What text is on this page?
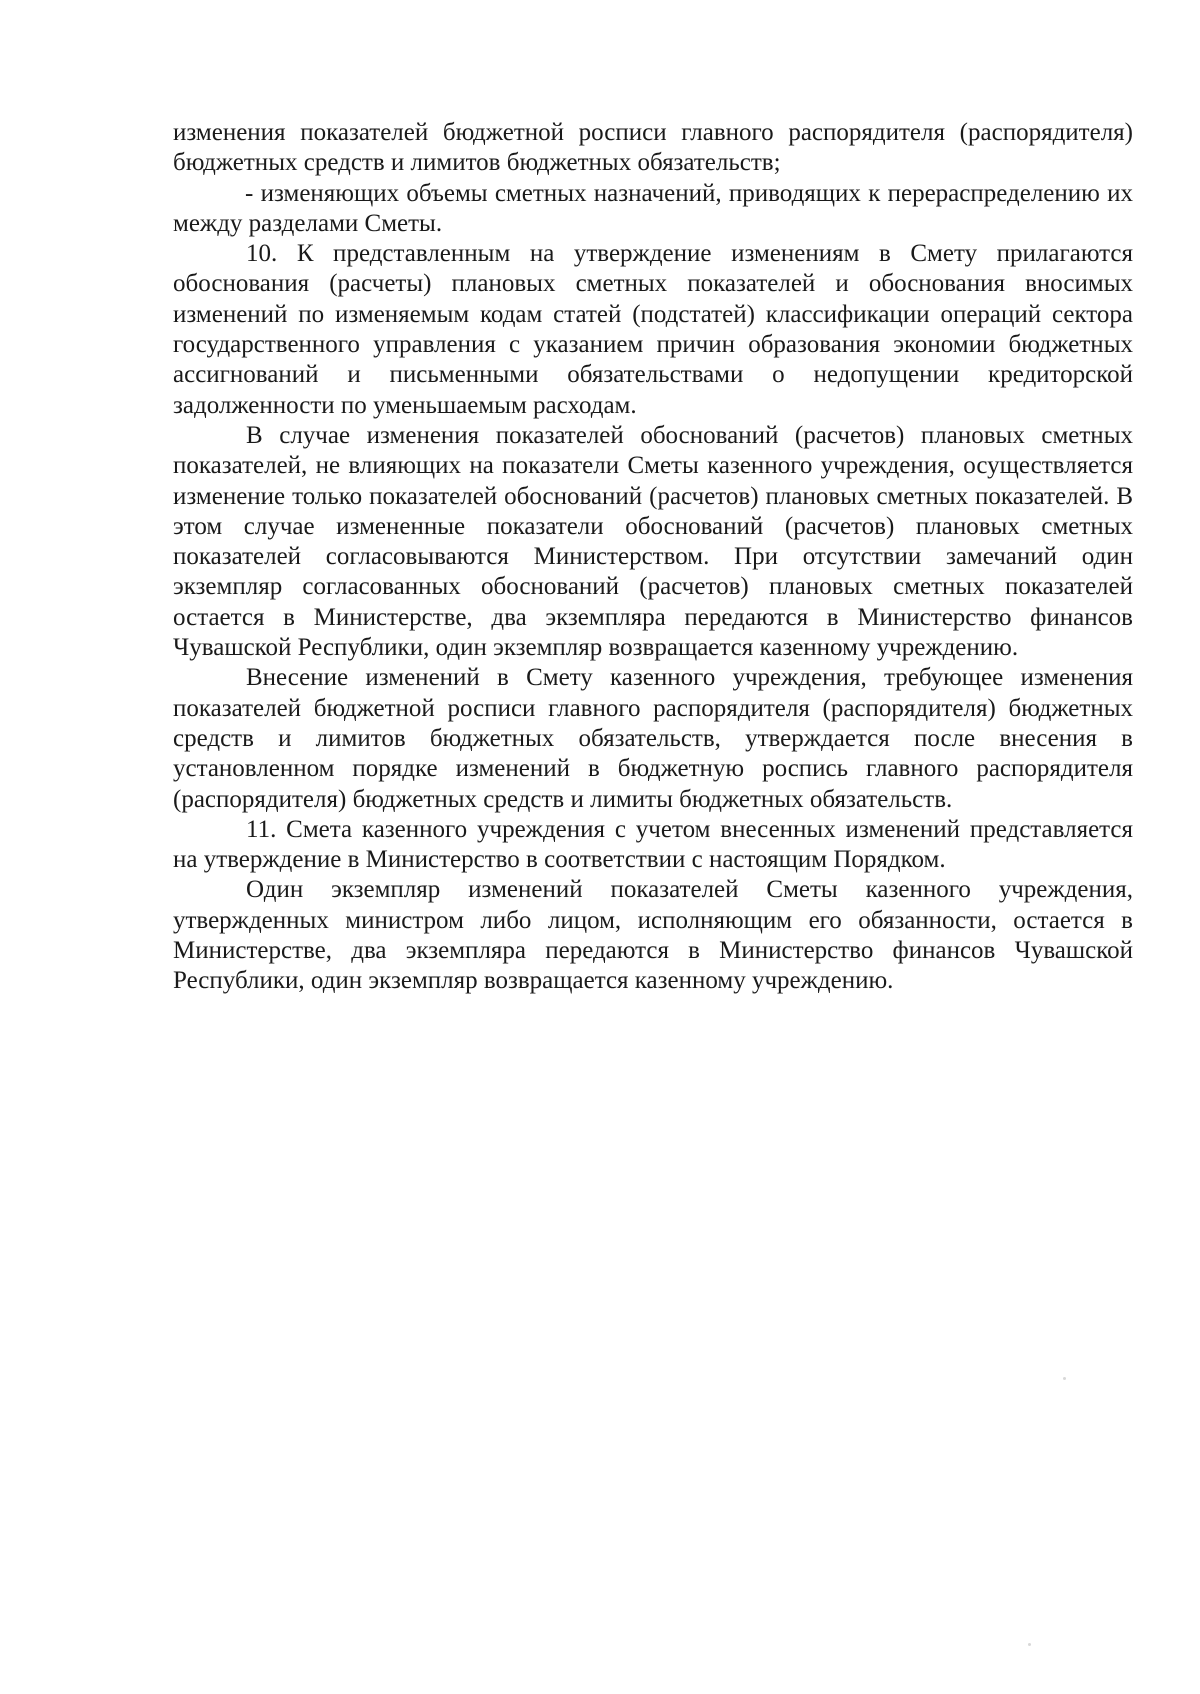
изменения показателей бюджетной росписи главного распорядителя (распорядителя) бюджетных средств и лимитов бюджетных обязательств;

- изменяющих объемы сметных назначений, приводящих к перераспределению их между разделами Сметы.

10. К представленным на утверждение изменениям в Смету прилагаются обоснования (расчеты) плановых сметных показателей и обоснования вносимых изменений по изменяемым кодам статей (подстатей) классификации операций сектора государственного управления с указанием причин образования экономии бюджетных ассигнований и письменными обязательствами о недопущении кредиторской задолженности по уменьшаемым расходам.

В случае изменения показателей обоснований (расчетов) плановых сметных показателей, не влияющих на показатели Сметы казенного учреждения, осуществляется изменение только показателей обоснований (расчетов) плановых сметных показателей. В этом случае измененные показатели обоснований (расчетов) плановых сметных показателей согласовываются Министерством. При отсутствии замечаний один экземпляр согласованных обоснований (расчетов) плановых сметных показателей остается в Министерстве, два экземпляра передаются в Министерство финансов Чувашской Республики, один экземпляр возвращается казенному учреждению.

Внесение изменений в Смету казенного учреждения, требующее изменения показателей бюджетной росписи главного распорядителя (распорядителя) бюджетных средств и лимитов бюджетных обязательств, утверждается после внесения в установленном порядке изменений в бюджетную роспись главного распорядителя (распорядителя) бюджетных средств и лимиты бюджетных обязательств.

11. Смета казенного учреждения с учетом внесенных изменений представляется на утверждение в Министерство в соответствии с настоящим Порядком.

Один экземпляр изменений показателей Сметы казенного учреждения, утвержденных министром либо лицом, исполняющим его обязанности, остается в Министерстве, два экземпляра передаются в Министерство финансов Чувашской Республики, один экземпляр возвращается казенному учреждению.
